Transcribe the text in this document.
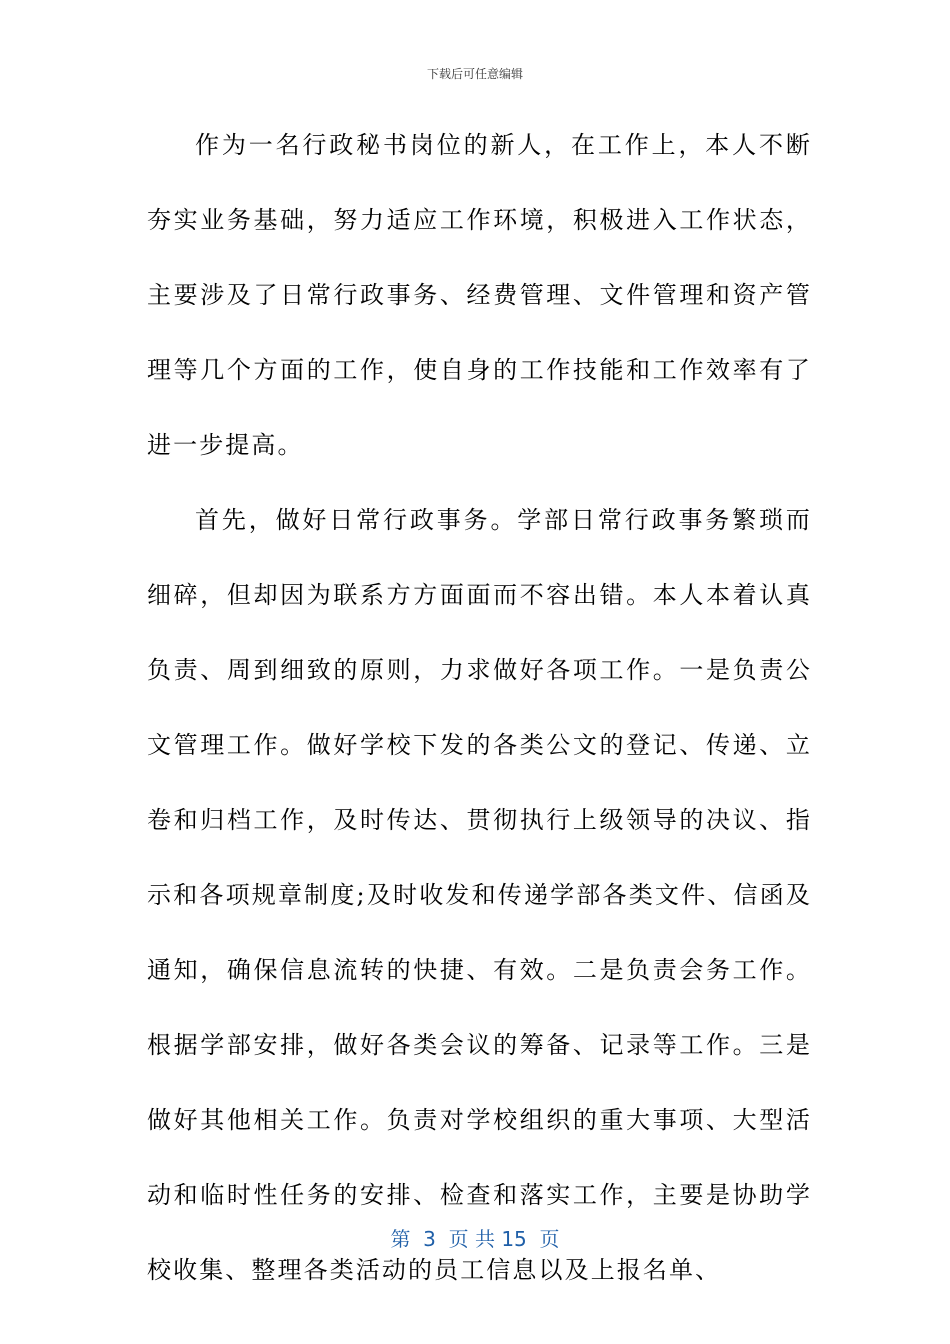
下载后可任意编辑

作为一名行政秘书岗位的新人，在工作上，本人不断夯实业务基础，努力适应工作环境，积极进入工作状态，主要涉及了日常行政事务、经费管理、文件管理和资产管理等几个方面的工作，使自身的工作技能和工作效率有了进一步提高。

首先，做好日常行政事务。学部日常行政事务繁琐而细碎，但却因为联系方方面面而不容出错。本人本着认真负责、周到细致的原则，力求做好各项工作。一是负责公文管理工作。做好学校下发的各类公文的登记、传递、立卷和归档工作，及时传达、贯彻执行上级领导的决议、指示和各项规章制度;及时收发和传递学部各类文件、信函及通知，确保信息流转的快捷、有效。二是负责会务工作。根据学部安排，做好各类会议的筹备、记录等工作。三是做好其他相关工作。负责对学校组织的重大事项、大型活动和临时性任务的安排、检查和落实工作，主要是协助学校收集、整理各类活动的员工信息以及上报名单、

第  3  页 共 15  页
